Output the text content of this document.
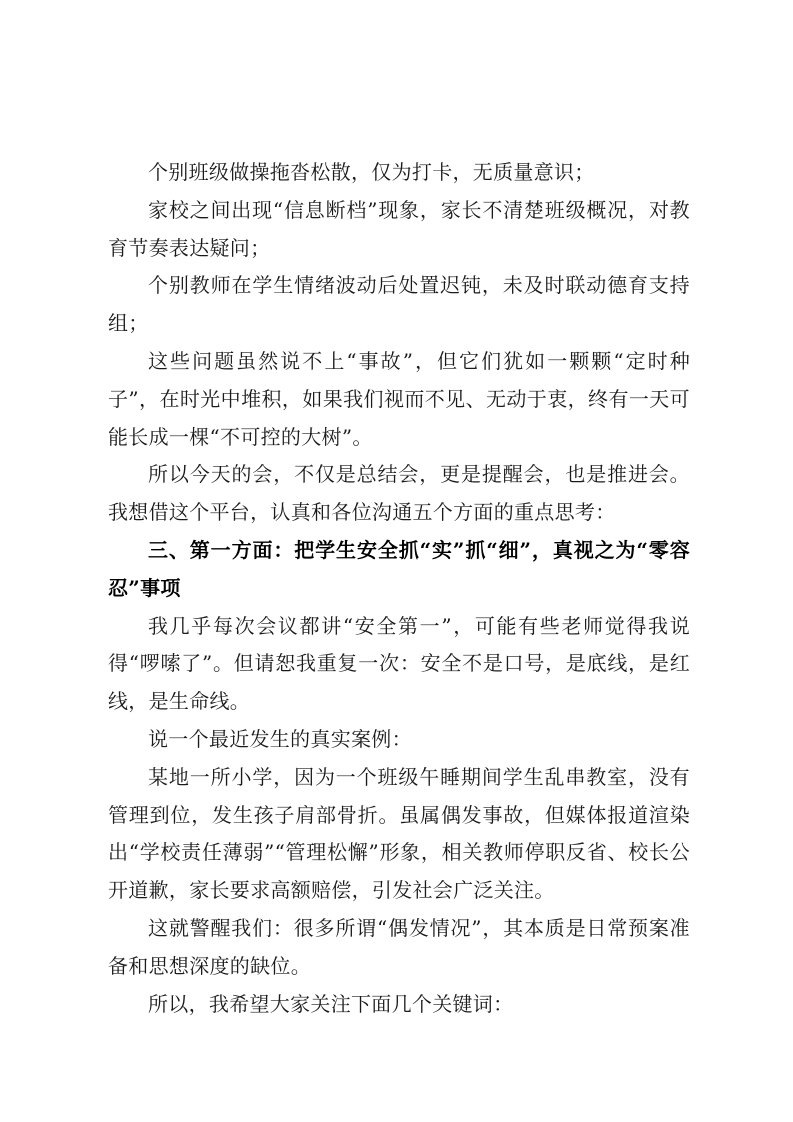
个别班级做操拖沓松散，仅为打卡，无质量意识；

家校之间出现“信息断档”现象，家长不清楚班级概况，对教育节奏表达疑问；

个别教师在学生情绪波动后处置迟钝，未及时联动德育支持组；

这些问题虽然说不上“事故”，但它们犹如一颗颗“定时种子”，在时光中堆积，如果我们视而不见、无动于衷，终有一天可能长成一棵“不可控的大树”。

所以今天的会，不仅是总结会，更是提醒会，也是推进会。我想借这个平台，认真和各位沟通五个方面的重点思考：

三、第一方面：把学生安全抓“实”抓“细”，真视之为“零容忍”事项

我几乎每次会议都讲“安全第一”，可能有些老师觉得我说得“啰嗦了”。但请恕我重复一次：安全不是口号，是底线，是红线，是生命线。

说一个最近发生的真实案例：

某地一所小学，因为一个班级午睡期间学生乱串教室，没有管理到位，发生孩子肩部骨折。虽属偶发事故，但媒体报道渲染出“学校责任薄弱”“管理松懈”形象，相关教师停职反省、校长公开道歉，家长要求高额赔偿，引发社会广泛关注。

这就警醒我们：很多所谓“偶发情况”，其本质是日常预案准备和思想深度的缺位。

所以，我希望大家关注下面几个关键词：
